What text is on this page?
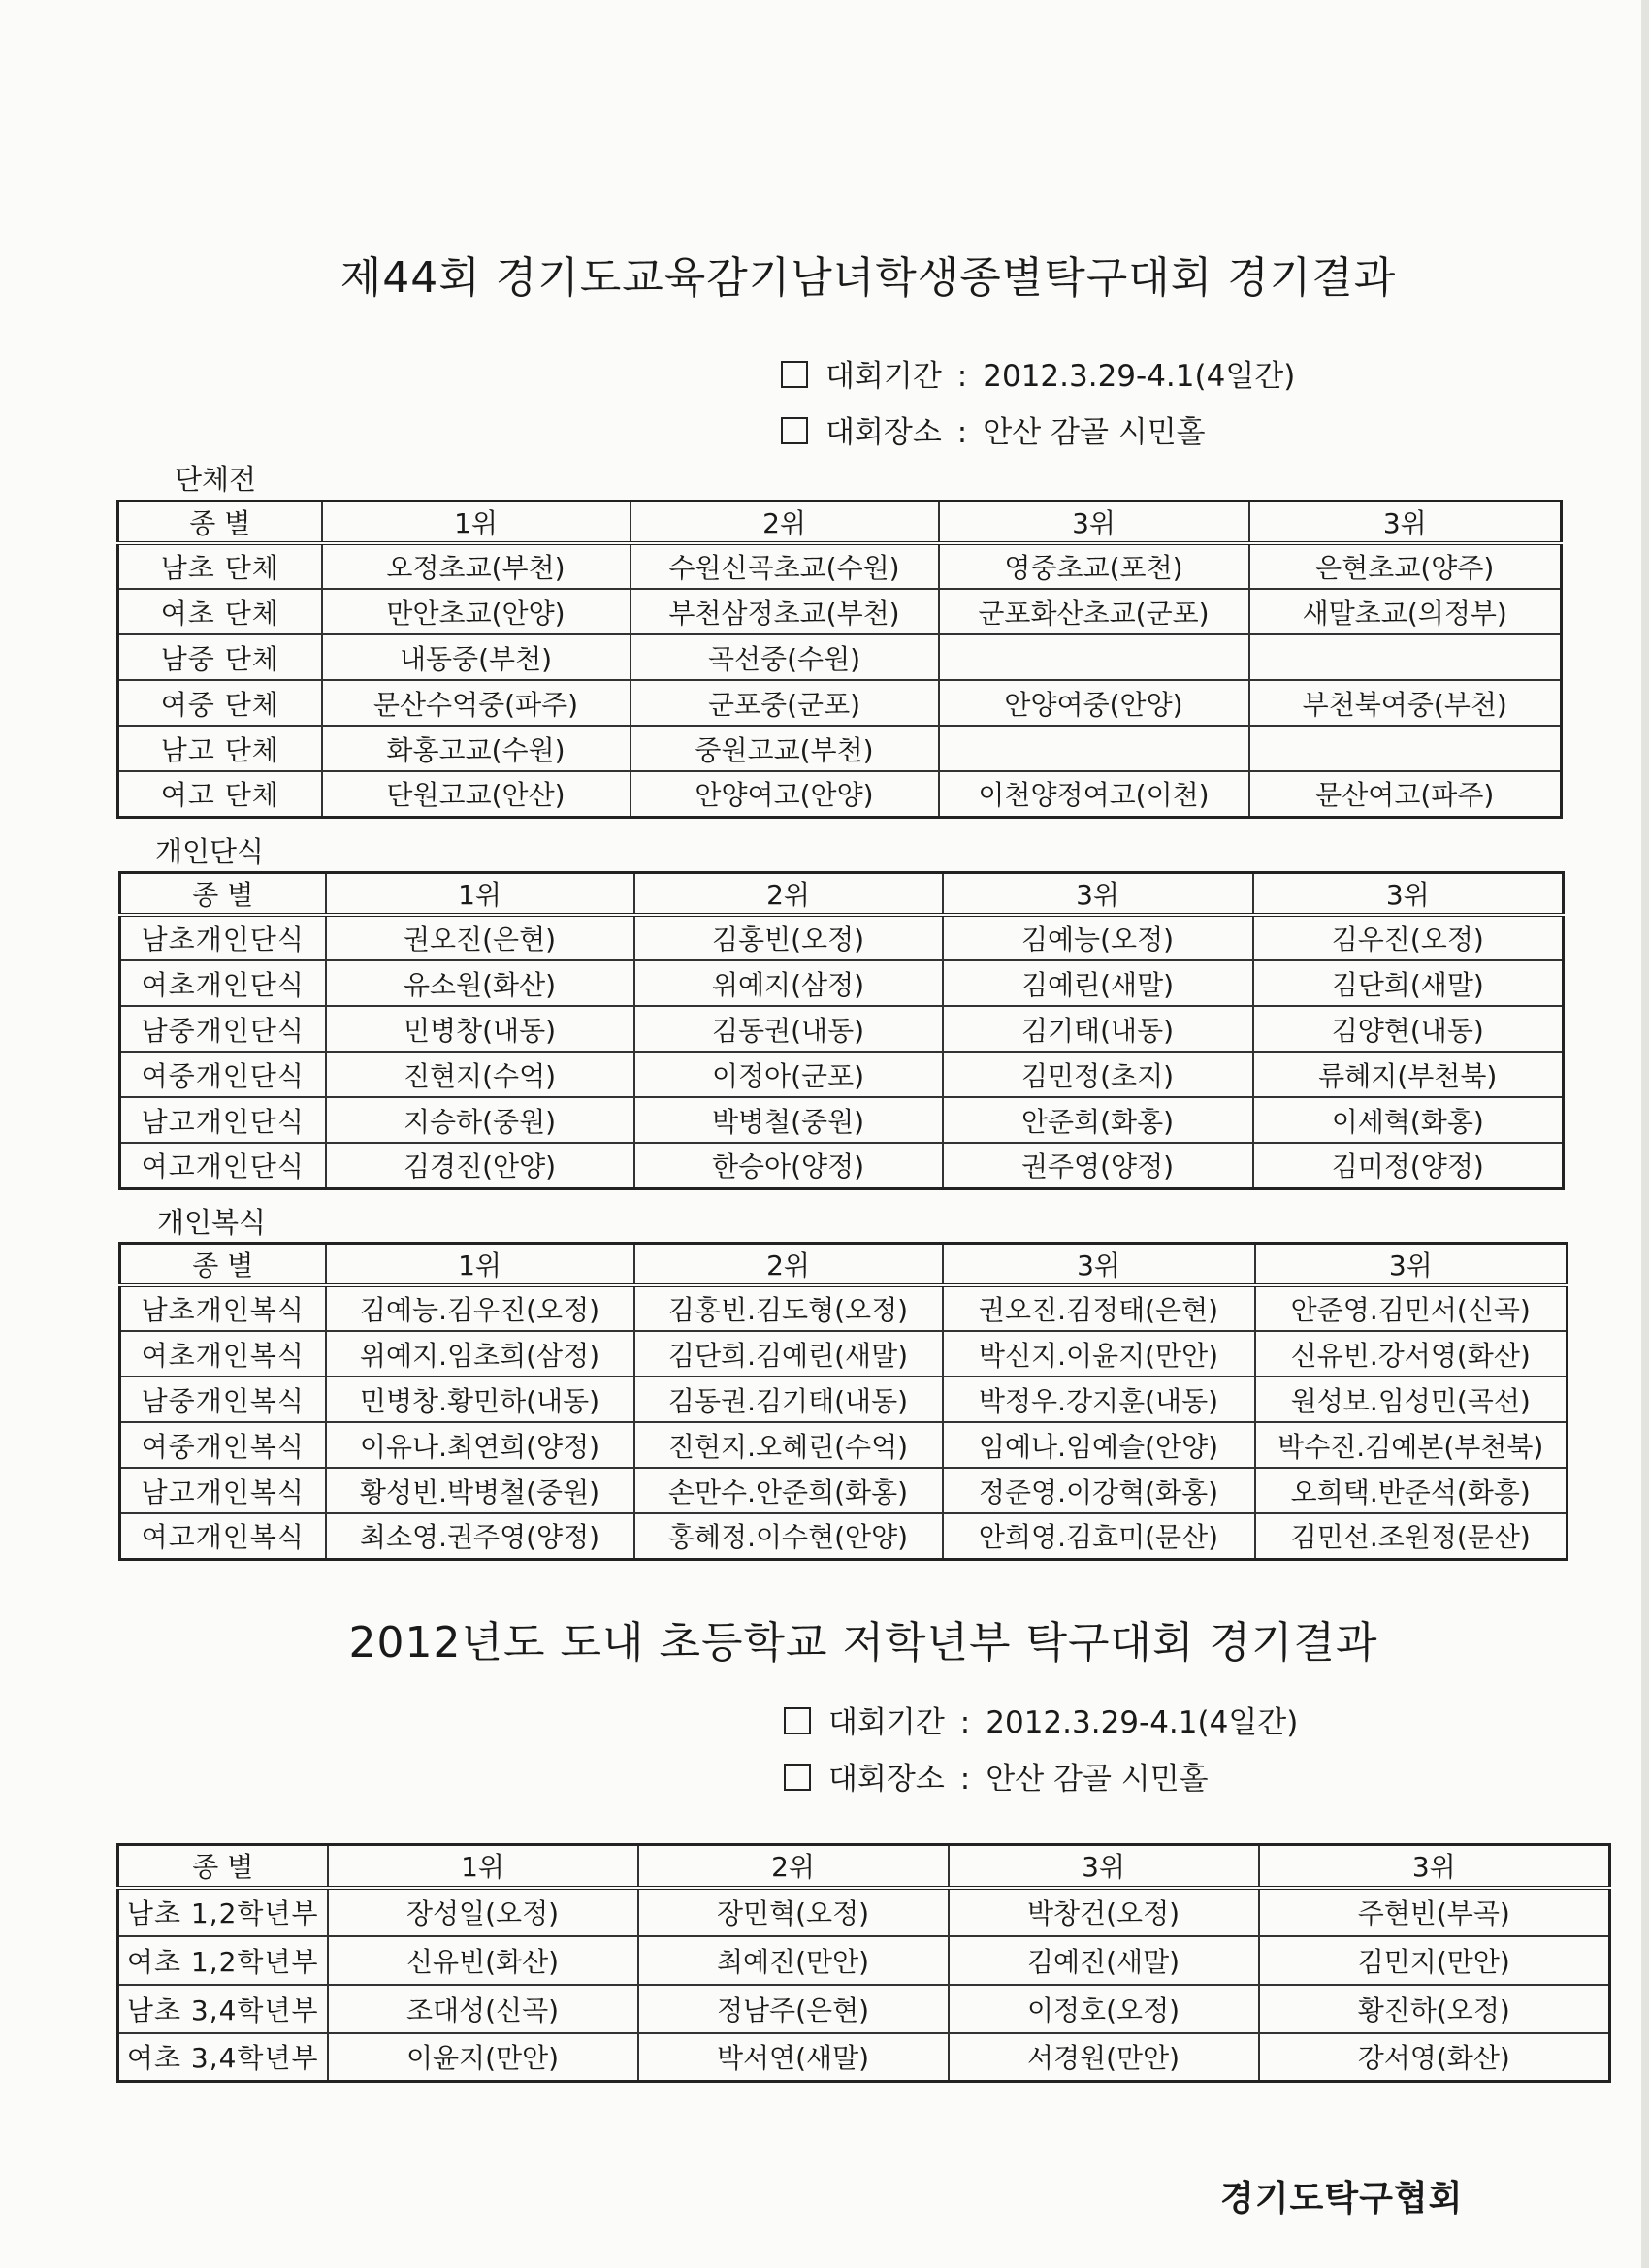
제44회 경기도교육감기남녀학생종별탁구대회 경기결과
대회기간 : 2012.3.29-4.1(4일간)
대회장소 : 안산 감골 시민홀
단체전
종 별	1위	2위	3위	3위
남초 단체	오정초교(부천)	수원신곡초교(수원)	영중초교(포천)	은현초교(양주)
여초 단체	만안초교(안양)	부천삼정초교(부천)	군포화산초교(군포)	새말초교(의정부)
남중 단체	내동중(부천)	곡선중(수원)		
여중 단체	문산수억중(파주)	군포중(군포)	안양여중(안양)	부천북여중(부천)
남고 단체	화홍고교(수원)	중원고교(부천)		
여고 단체	단원고교(안산)	안양여고(안양)	이천양정여고(이천)	문산여고(파주)
개인단식
종 별	1위	2위	3위	3위
남초개인단식	권오진(은현)	김홍빈(오정)	김예능(오정)	김우진(오정)
여초개인단식	유소원(화산)	위예지(삼정)	김예린(새말)	김단희(새말)
남중개인단식	민병창(내동)	김동권(내동)	김기태(내동)	김양현(내동)
여중개인단식	진현지(수억)	이정아(군포)	김민정(초지)	류혜지(부천북)
남고개인단식	지승하(중원)	박병철(중원)	안준희(화홍)	이세혁(화홍)
여고개인단식	김경진(안양)	한승아(양정)	권주영(양정)	김미정(양정)
개인복식
종 별	1위	2위	3위	3위
남초개인복식	김예능.김우진(오정)	김홍빈.김도형(오정)	권오진.김정태(은현)	안준영.김민서(신곡)
여초개인복식	위예지.임초희(삼정)	김단희.김예린(새말)	박신지.이윤지(만안)	신유빈.강서영(화산)
남중개인복식	민병창.황민하(내동)	김동권.김기태(내동)	박정우.강지훈(내동)	원성보.임성민(곡선)
여중개인복식	이유나.최연희(양정)	진현지.오혜린(수억)	임예나.임예슬(안양)	박수진.김예본(부천북)
남고개인복식	황성빈.박병철(중원)	손만수.안준희(화홍)	정준영.이강혁(화홍)	오희택.반준석(화흥)
여고개인복식	최소영.권주영(양정)	홍혜정.이수현(안양)	안희영.김효미(문산)	김민선.조원정(문산)
2012년도 도내 초등학교 저학년부 탁구대회 경기결과
대회기간 : 2012.3.29-4.1(4일간)
대회장소 : 안산 감골 시민홀
종 별	1위	2위	3위	3위
남초 1,2학년부	장성일(오정)	장민혁(오정)	박창건(오정)	주현빈(부곡)
여초 1,2학년부	신유빈(화산)	최예진(만안)	김예진(새말)	김민지(만안)
남초 3,4학년부	조대성(신곡)	정남주(은현)	이정호(오정)	황진하(오정)
여초 3,4학년부	이윤지(만안)	박서연(새말)	서경원(만안)	강서영(화산)
경기도탁구협회
